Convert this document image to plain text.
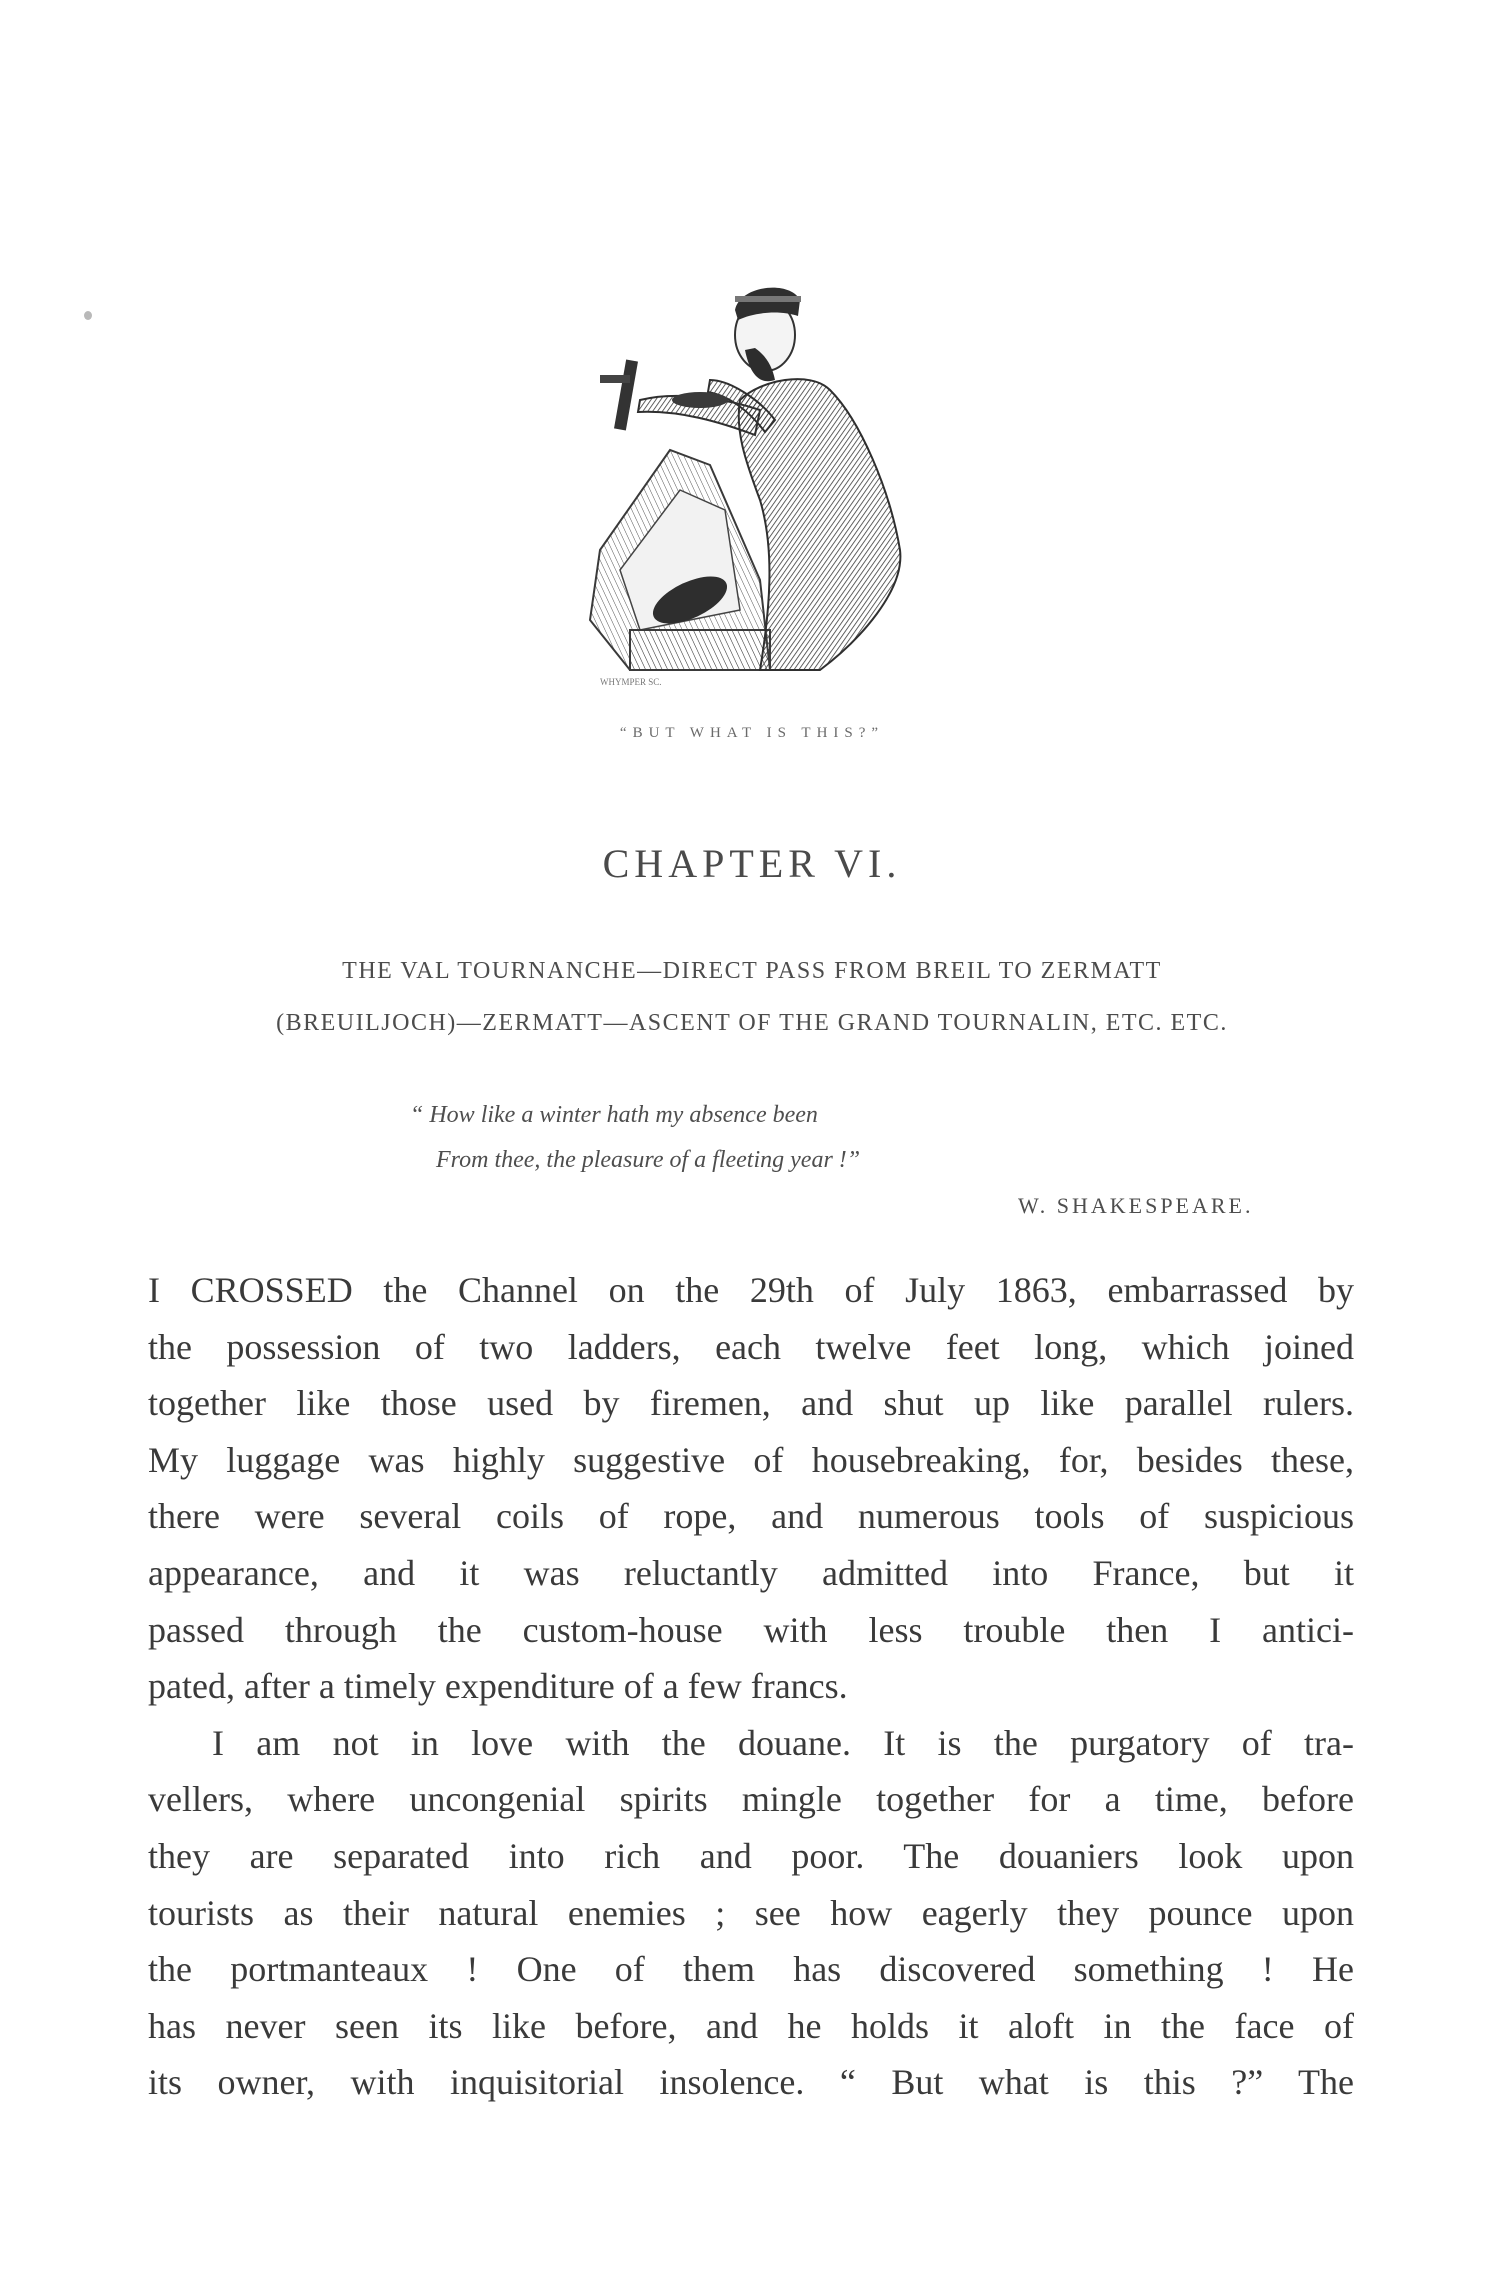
WHYMPER SC.
“BUT WHAT IS THIS?”
CHAPTER VI.
THE VAL TOURNANCHE—DIRECT PASS FROM BREIL TO ZERMATT
(BREUILJOCH)—ZERMATT—ASCENT OF THE GRAND TOURNALIN, ETC. ETC.
“ How like a winter hath my absence been
From thee, the pleasure of a fleeting year !”
W. SHAKESPEARE.
I CROSSED the Channel on the 29th of July 1863, embarrassed by
the possession of two ladders, each twelve feet long, which joined
together like those used by firemen, and shut up like parallel rulers.
My luggage was highly suggestive of housebreaking, for, besides these,
there were several coils of rope, and numerous tools of suspicious
appearance, and it was reluctantly admitted into France, but it
passed through the custom-house with less trouble then I antici-
pated, after a timely expenditure of a few francs.
I am not in love with the douane. It is the purgatory of tra-
vellers, where uncongenial spirits mingle together for a time, before
they are separated into rich and poor. The douaniers look upon
tourists as their natural enemies ; see how eagerly they pounce upon
the portmanteaux ! One of them has discovered something ! He
has never seen its like before, and he holds it aloft in the face of
its owner, with inquisitorial insolence. “ But what is this ?” The
